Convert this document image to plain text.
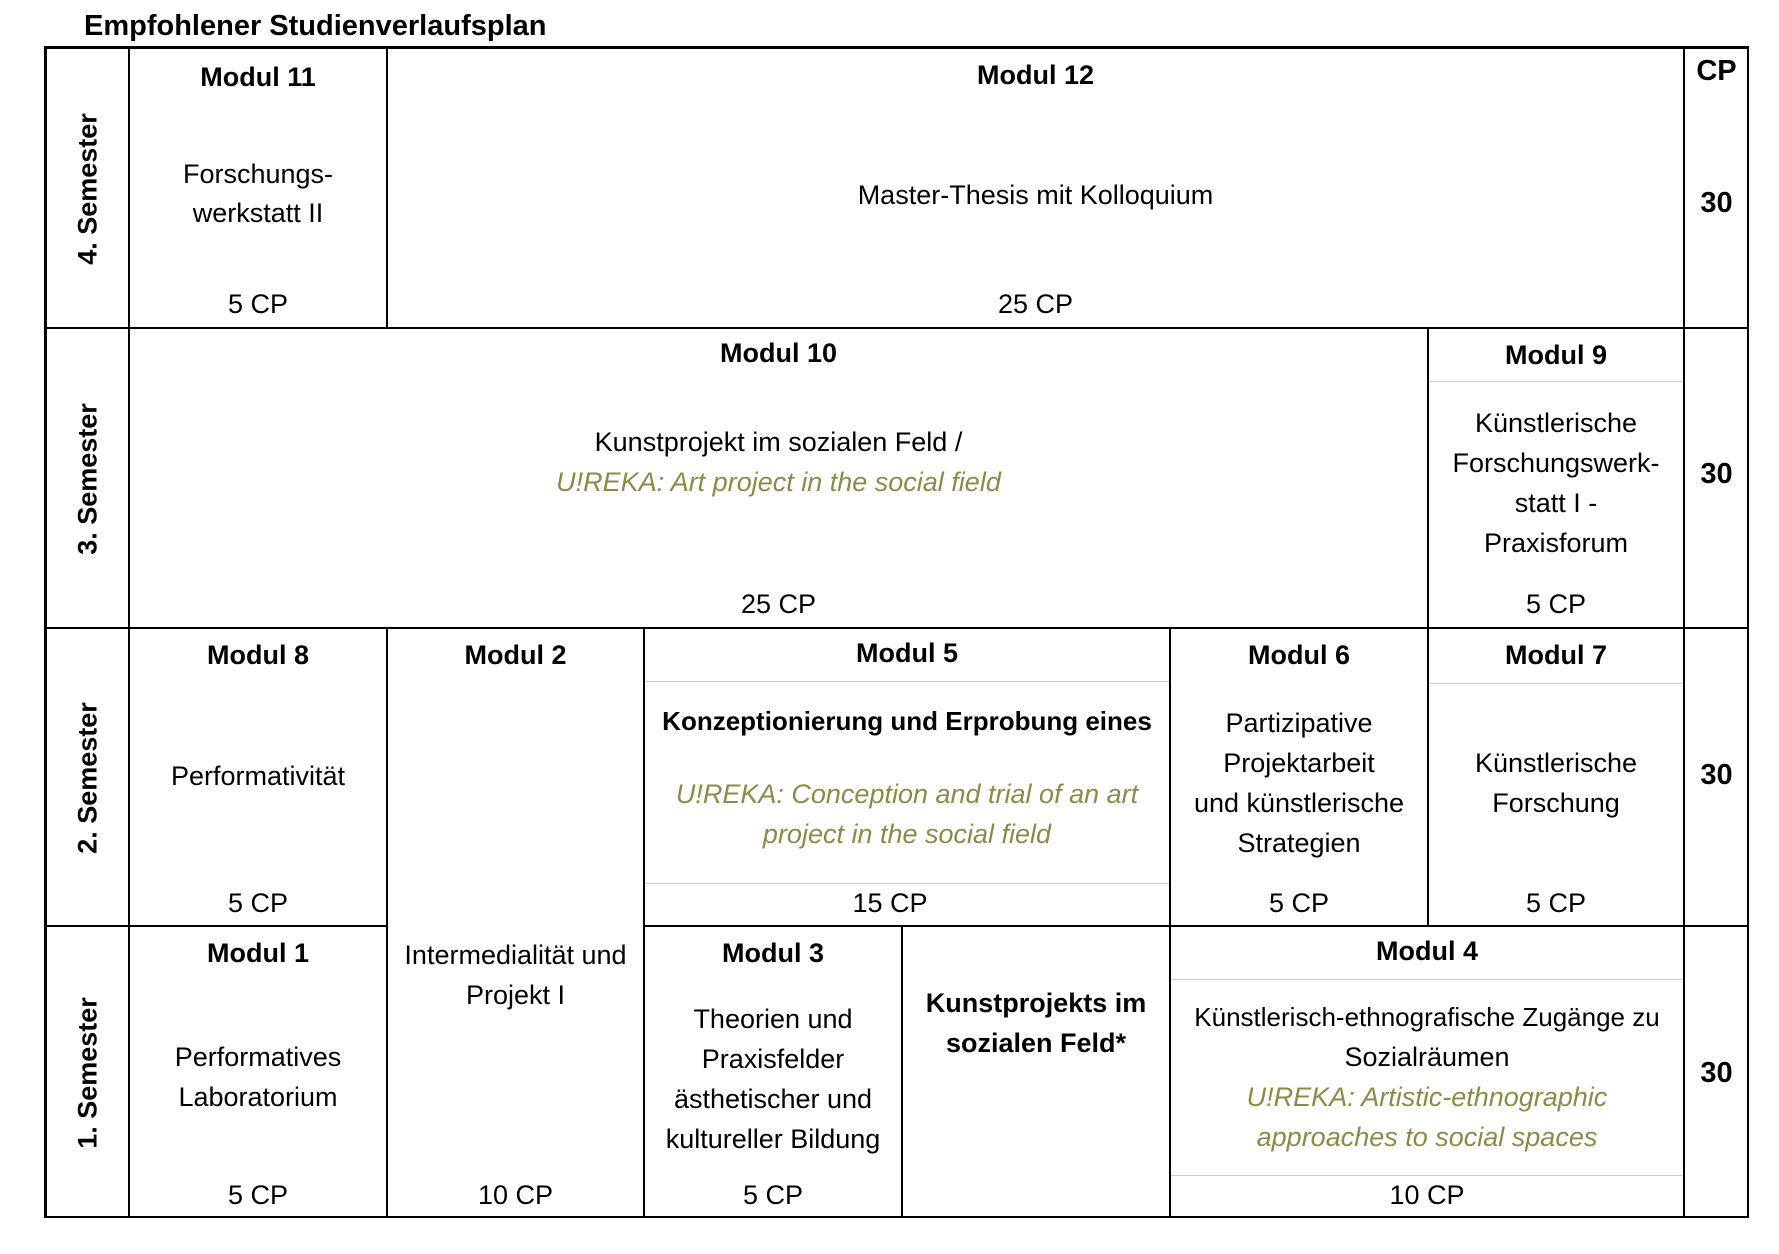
Empfohlener Studienverlaufsplan
4. Semester
3. Semester
2. Semester
1. Semester
CP
30
30
30
30
Modul 11
Forschungs-
werkstatt II
5 CP
Modul 12
Master-Thesis mit Kolloquium
25 CP
Modul 10
Kunstprojekt im sozialen Feld /
U!REKA: Art project in the social field
25 CP
Modul 9
Künstlerische
Forschungswerk-
statt I -
Praxisforum
5 CP
Modul 8
Performativität
5 CP
Modul 2
Intermedialität und
Projekt I
10 CP
Modul 5
Konzeptionierung und Erprobung eines
U!REKA: Conception and trial of an art
project in the social field
15 CP
Modul 6
Partizipative
Projektarbeit
und künstlerische
Strategien
5 CP
Modul 7
Künstlerische
Forschung
5 CP
Modul 1
Performatives
Laboratorium
5 CP
Modul 3
Theorien und
Praxisfelder
ästhetischer und
kultureller Bildung
5 CP
Kunstprojekts im
sozialen Feld*
Modul 4
Künstlerisch-ethnografische Zugänge zu
Sozialräumen
U!REKA: Artistic-ethnographic
approaches to social spaces
10 CP
